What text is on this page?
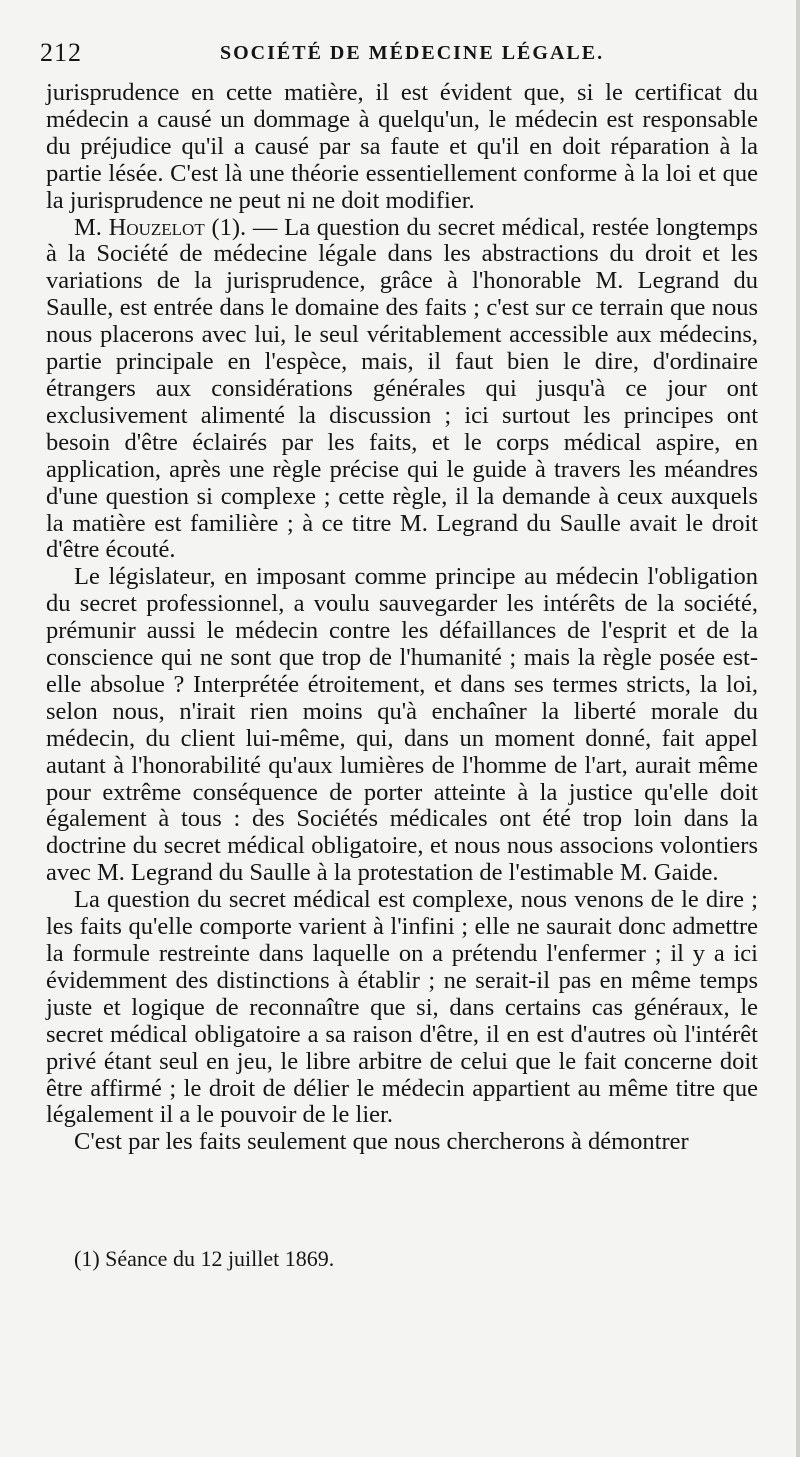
212	SOCIÉTÉ DE MÉDECINE LÉGALE.

jurisprudence en cette matière, il est évident que, si le certificat du médecin a causé un dommage à quelqu'un, le médecin est responsable du préjudice qu'il a causé par sa faute et qu'il en doit réparation à la partie lésée. C'est là une théorie essentiellement conforme à la loi et que la jurisprudence ne peut ni ne doit modifier.

M. Houzelot (1). — La question du secret médical, restée longtemps à la Société de médecine légale dans les abstractions du droit et les variations de la jurisprudence, grâce à l'honorable M. Legrand du Saulle, est entrée dans le domaine des faits ; c'est sur ce terrain que nous nous placerons avec lui, le seul véritablement accessible aux médecins, partie principale en l'espèce, mais, il faut bien le dire, d'ordinaire étrangers aux considérations générales qui jusqu'à ce jour ont exclusivement alimenté la discussion ; ici surtout les principes ont besoin d'être éclairés par les faits, et le corps médical aspire, en application, après une règle précise qui le guide à travers les méandres d'une question si complexe ; cette règle, il la demande à ceux auxquels la matière est familière ; à ce titre M. Legrand du Saulle avait le droit d'être écouté.

Le législateur, en imposant comme principe au médecin l'obligation du secret professionnel, a voulu sauvegarder les intérêts de la société, prémunir aussi le médecin contre les défaillances de l'esprit et de la conscience qui ne sont que trop de l'humanité ; mais la règle posée est-elle absolue ? Interprétée étroitement, et dans ses termes stricts, la loi, selon nous, n'irait rien moins qu'à enchaîner la liberté morale du médecin, du client lui-même, qui, dans un moment donné, fait appel autant à l'honorabilité qu'aux lumières de l'homme de l'art, aurait même pour extrême conséquence de porter atteinte à la justice qu'elle doit également à tous : des Sociétés médicales ont été trop loin dans la doctrine du secret médical obligatoire, et nous nous associons volontiers avec M. Legrand du Saulle à la protestation de l'estimable M. Gaide.

La question du secret médical est complexe, nous venons de le dire ; les faits qu'elle comporte varient à l'infini ; elle ne saurait donc admettre la formule restreinte dans laquelle on a prétendu l'enfermer ; il y a ici évidemment des distinctions à établir ; ne serait-il pas en même temps juste et logique de reconnaître que si, dans certains cas généraux, le secret médical obligatoire a sa raison d'être, il en est d'autres où l'intérêt privé étant seul en jeu, le libre arbitre de celui que le fait concerne doit être affirmé ; le droit de délier le médecin appartient au même titre que légalement il a le pouvoir de le lier.

C'est par les faits seulement que nous chercherons à démontrer

(1) Séance du 12 juillet 1869.
